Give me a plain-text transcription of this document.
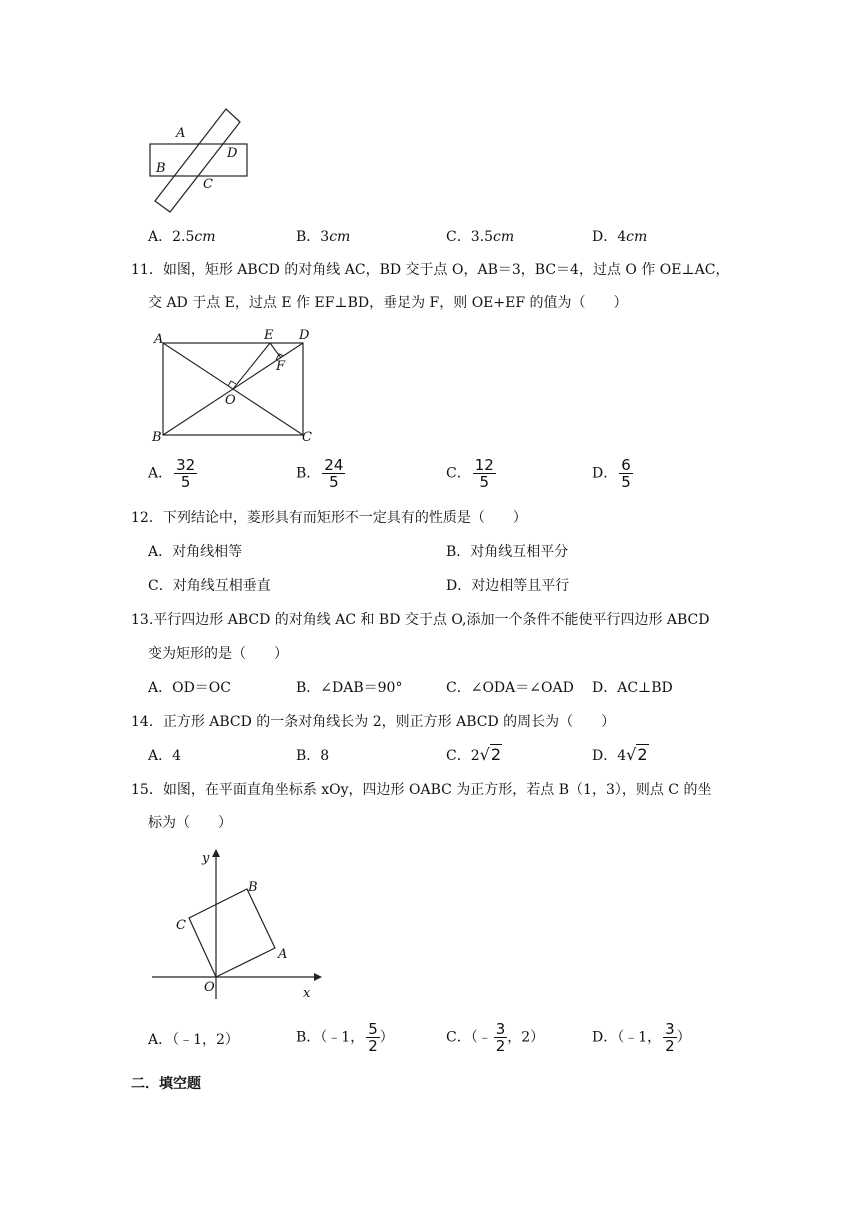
A
B
C
D
A．2.5cm	B．3cm	C．3.5cm	D．4cm
11．如图，矩形 ABCD 的对角线 AC，BD 交于点 O，AB＝3，BC＝4，过点 O 作 OE⊥AC，
交 AD 于点 E，过点 E 作 EF⊥BD，垂足为 F，则 OE+EF 的值为（　　）
A
B	C
D
E
F
O
A． $\frac{32}{5}$	B． $\frac{24}{5}$	C． $\frac{12}{5}$	D． $\frac{6}{5}$
12．下列结论中，菱形具有而矩形不一定具有的性质是（　　）
A．对角线相等	B．对角线互相平分
C．对角线互相垂直	D．对边相等且平行
13.平行四边形 ABCD 的对角线 AC 和 BD 交于点 O,添加一个条件不能使平行四边形 ABCD
变为矩形的是（　　）
A．OD＝OC	B．∠DAB＝90°	C．∠ODA＝∠OAD D．AC⊥BD
14．正方形 ABCD 的一条对角线长为 2，则正方形 ABCD 的周长为（　　）
A．4	B．8	C．2√2	D．4√2
15．如图，在平面直角坐标系 xOy，四边形 OABC 为正方形，若点 B（1，3），则点 C 的坐
标为（　　）
y
x
O
A
B
C
A．（﹣1，2）	B．（﹣1， $\frac{5}{2}$ ）	C．（﹣ $\frac{3}{2}$ ，2）	D．（﹣1， $\frac{3}{2}$ ）
二．填空题
